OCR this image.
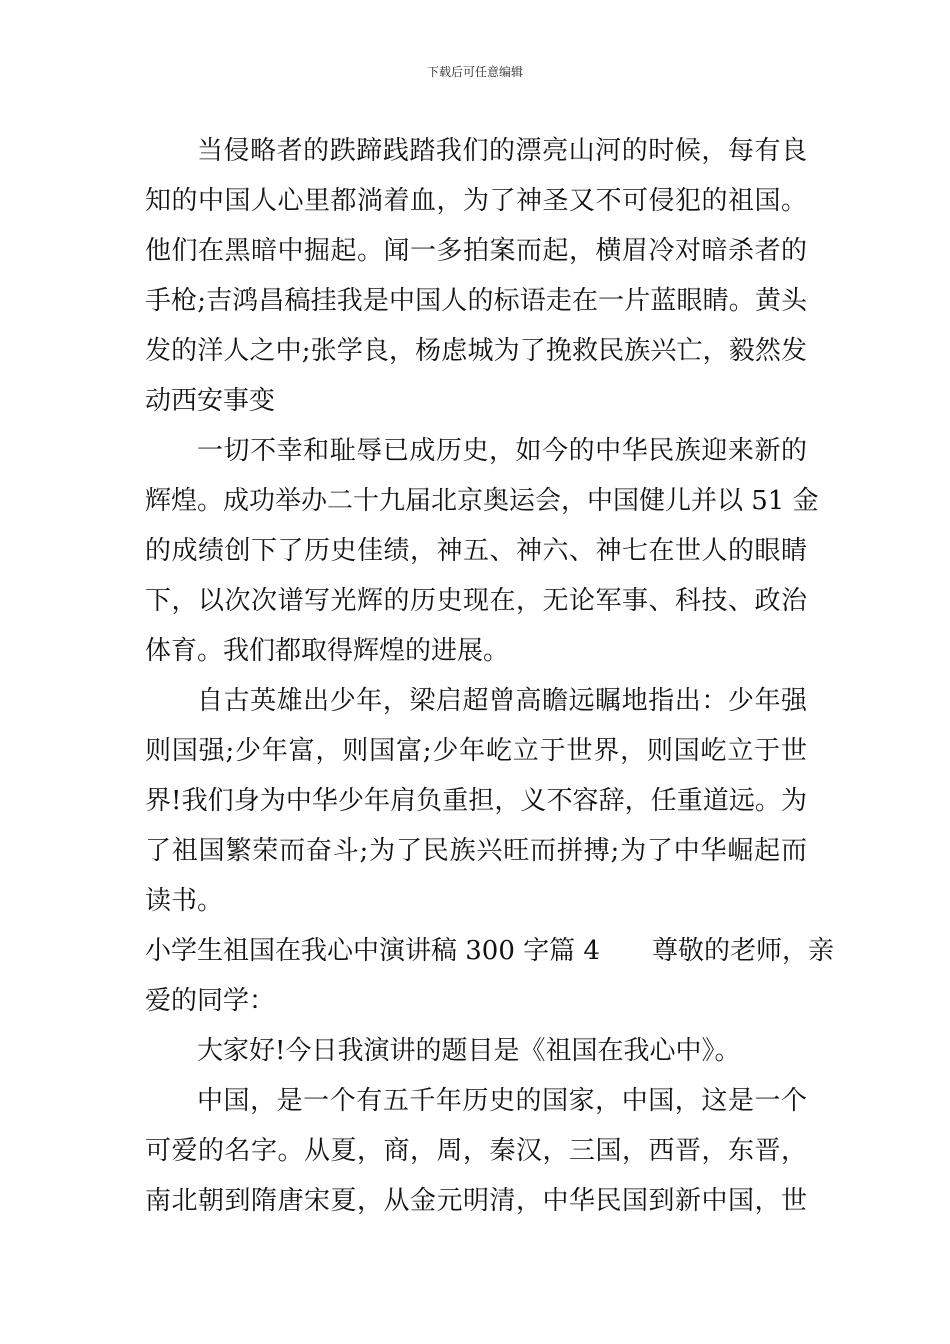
下载后可任意编辑
当侵略者的跌蹄践踏我们的漂亮山河的时候，每有良
知的中国人心里都淌着血，为了神圣又不可侵犯的祖国。
他们在黑暗中掘起。闻一多拍案而起，横眉冷对暗杀者的
手枪;吉鸿昌稿挂我是中国人的标语走在一片蓝眼睛。黄头
发的洋人之中;张学良，杨虑城为了挽救民族兴亡，毅然发
动西安事变
一切不幸和耻辱已成历史，如今的中华民族迎来新的
辉煌。成功举办二十九届北京奥运会，中国健儿并以 51 金
的成绩创下了历史佳绩，神五、神六、神七在世人的眼睛
下，以次次谱写光辉的历史现在，无论军事、科技、政治
体育。我们都取得辉煌的进展。
自古英雄出少年，梁启超曾高瞻远瞩地指出：少年强
则国强;少年富，则国富;少年屹立于世界，则国屹立于世
界!我们身为中华少年肩负重担，义不容辞，任重道远。为
了祖国繁荣而奋斗;为了民族兴旺而拼搏;为了中华崛起而
读书。
小学生祖国在我心中演讲稿 300 字篇 4　　尊敬的老师，亲
爱的同学：
大家好!今日我演讲的题目是《祖国在我心中》。
中国，是一个有五千年历史的国家，中国，这是一个
可爱的名字。从夏，商，周，秦汉，三国，西晋，东晋，
南北朝到隋唐宋夏，从金元明清，中华民国到新中国，世
